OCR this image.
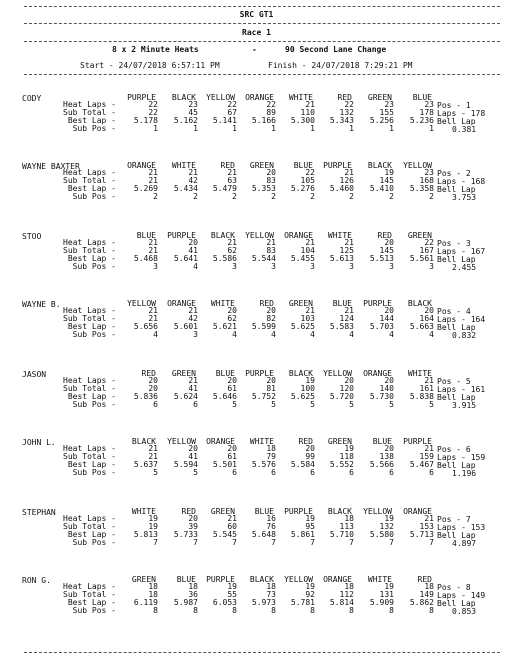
SRC GT1
Race 1
8 x 2 Minute Heats	-	90 Second Lane Change
Start - 24/07/2018 6:57:11 PM	Finish - 24/07/2018 7:29:21 PM
CODY	PURPLE	BLACK	YELLOW	ORANGE	WHITE	RED	GREEN	BLUE
Heat Laps -	22	23	22	22	21	22	23	23
Sub Total -	22	45	67	89	110	132	155	178
Best Lap -	5.178	5.162	5.141	5.166	5.300	5.343	5.256	5.236
Sub Pos -	1	1	1	1	1	1	1	1
Pos - 1
Laps - 178
Bell Lap
0.381
WAYNE BAXTER	ORANGE	WHITE	RED	GREEN	BLUE	PURPLE	BLACK	YELLOW
Heat Laps -	21	21	21	20	22	21	19	23
Sub Total -	21	42	63	83	105	126	145	168
Best Lap -	5.269	5.434	5.479	5.353	5.276	5.460	5.410	5.358
Sub Pos -	2	2	2	2	2	2	2	2
Pos - 2
Laps - 168
Bell Lap
3.753
STOO	BLUE	PURPLE	BLACK	YELLOW	ORANGE	WHITE	RED	GREEN
Heat Laps -	21	20	21	21	21	21	20	22
Sub Total -	21	41	62	83	104	125	145	167
Best Lap -	5.468	5.641	5.586	5.544	5.455	5.613	5.513	5.561
Sub Pos -	3	4	3	3	3	3	3	3
Pos - 3
Laps - 167
Bell Lap
2.455
WAYNE B.	YELLOW	ORANGE	WHITE	RED	GREEN	BLUE	PURPLE	BLACK
Heat Laps -	21	21	20	20	21	21	20	20
Sub Total -	21	42	62	82	103	124	144	164
Best Lap -	5.656	5.601	5.621	5.599	5.625	5.583	5.703	5.663
Sub Pos -	4	3	4	4	4	4	4	4
Pos - 4
Laps - 164
Bell Lap
0.832
JASON	RED	GREEN	BLUE	PURPLE	BLACK	YELLOW	ORANGE	WHITE
Heat Laps -	20	21	20	20	19	20	20	21
Sub Total -	20	41	61	81	100	120	140	161
Best Lap -	5.836	5.624	5.646	5.752	5.625	5.720	5.730	5.838
Sub Pos -	6	6	5	5	5	5	5	5
Pos - 5
Laps - 161
Bell Lap
3.915
JOHN L.	BLACK	YELLOW	ORANGE	WHITE	RED	GREEN	BLUE	PURPLE
Heat Laps -	21	20	20	18	20	19	20	21
Sub Total -	21	41	61	79	99	118	138	159
Best Lap -	5.637	5.594	5.501	5.576	5.584	5.552	5.566	5.467
Sub Pos -	5	5	6	6	6	6	6	6
Pos - 6
Laps - 159
Bell Lap
1.196
STEPHAN	WHITE	RED	GREEN	BLUE	PURPLE	BLACK	YELLOW	ORANGE
Heat Laps -	19	20	21	16	19	18	19	21
Sub Total -	19	39	60	76	95	113	132	153
Best Lap -	5.813	5.733	5.545	5.648	5.861	5.710	5.580	5.713
Sub Pos -	7	7	7	7	7	7	7	7
Pos - 7
Laps - 153
Bell Lap
4.897
RON G.	GREEN	BLUE	PURPLE	BLACK	YELLOW	ORANGE	WHITE	RED
Heat Laps -	18	18	19	18	19	18	19	18
Sub Total -	18	36	55	73	92	112	131	149
Best Lap -	6.119	5.987	6.053	5.973	5.781	5.814	5.909	5.862
Sub Pos -	8	8	8	8	8	8	8	8
Pos - 8
Laps - 149
Bell Lap
0.853
